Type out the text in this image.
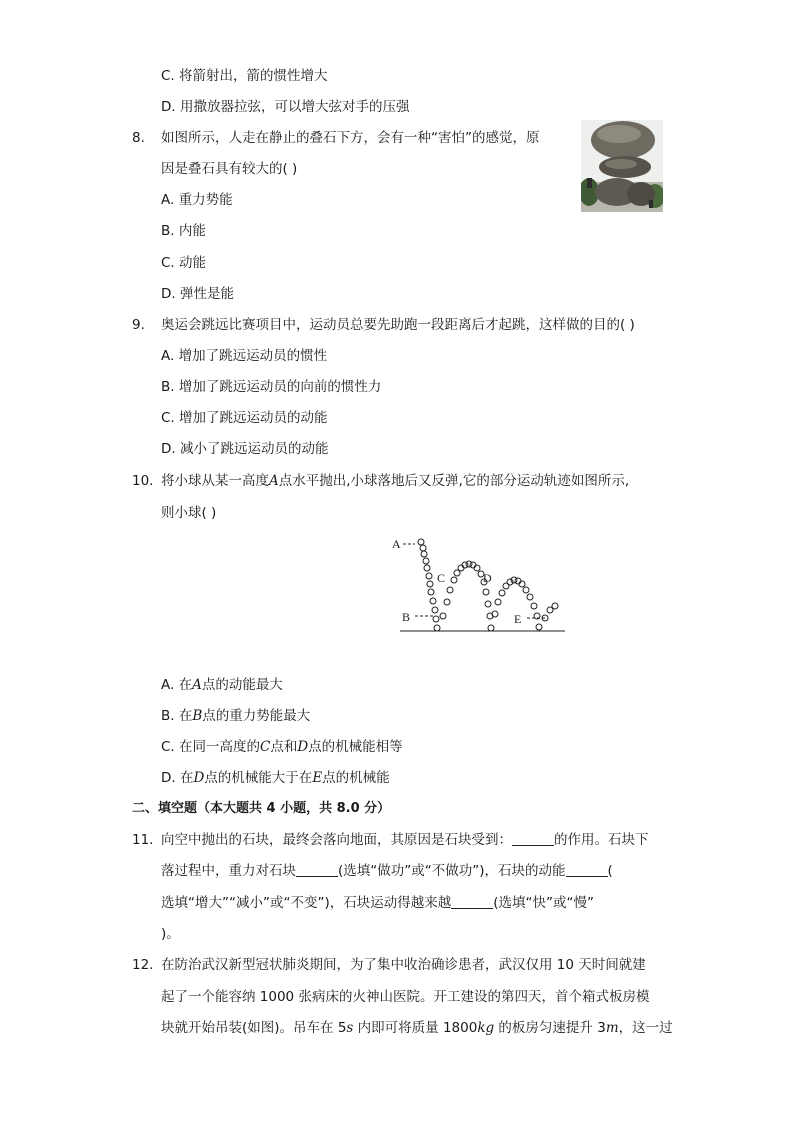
C. 将箭射出，箭的惯性增大
D. 用撒放器拉弦，可以增大弦对手的压强
8. 如图所示，人走在静止的叠石下方，会有一种“害怕”的感觉，原
因是叠石具有较大的( )
A. 重力势能
B. 内能
C. 动能
D. 弹性是能
9. 奥运会跳远比赛项目中，运动员总要先助跑一段距离后才起跳，这样做的目的( )
A. 增加了跳远运动员的惯性
B. 增加了跳远运动员的向前的惯性力
C. 增加了跳远运动员的动能
D. 减小了跳远运动员的动能
10. 将小球从某一高度A点水平抛出,小球落地后又反弹,它的部分运动轨迹如图所示,
则小球( )
A
B
C	D
E
A. 在A点的动能最大
B. 在B点的重力势能最大
C. 在同一高度的C点和D点的机械能相等
D. 在D点的机械能大于在E点的机械能
二、填空题（本大题共 4 小题，共 8.0 分）
11. 向空中抛出的石块，最终会落向地面，其原因是石块受到：	的作用。石块下
落过程中，重力对石块	(选填“做功”或“不做功”)，石块的动能	(
选填“增大”“减小”或“不变”)，石块运动得越来越	(选填“快”或“慢”
)。
12. 在防治武汉新型冠状肺炎期间，为了集中收治确诊患者，武汉仅用 10 天时间就建
起了一个能容纳 1000 张病床的火神山医院。开工建设的第四天，首个箱式板房模
块就开始吊装(如图)。吊车在 5s 内即可将质量 1800kg 的板房匀速提升 3m，这一过
